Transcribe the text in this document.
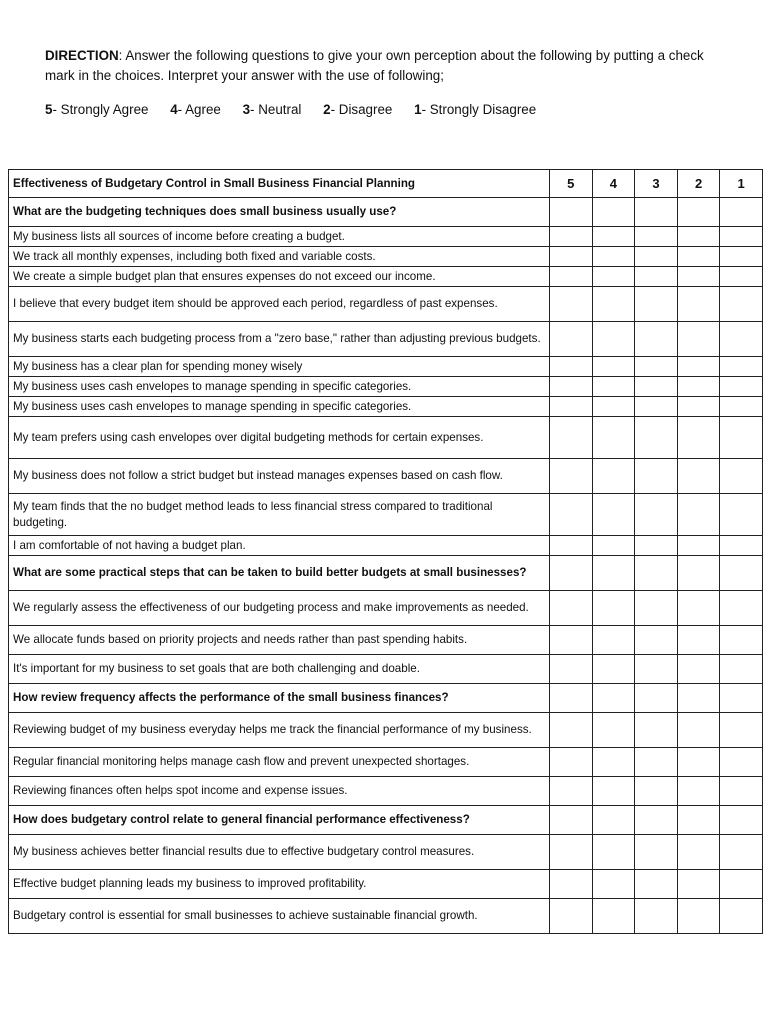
DIRECTION: Answer the following questions to give your own perception about the following by putting a check mark in the choices. Interpret your answer with the use of following;
5- Strongly Agree 4- Agree 3- Neutral 2- Disagree 1- Strongly Disagree
Effectiveness of Budgetary Control in Small Business Financial Planning	5	4	3	2	1
What are the budgeting techniques does small business usually use?					
My business lists all sources of income before creating a budget.					
We track all monthly expenses, including both fixed and variable costs.					
We create a simple budget plan that ensures expenses do not exceed our income.					
I believe that every budget item should be approved each period, regardless of past expenses.					
My business starts each budgeting process from a "zero base," rather than adjusting previous budgets.					
My business has a clear plan for spending money wisely					
My business uses cash envelopes to manage spending in specific categories.					
My business uses cash envelopes to manage spending in specific categories.					
My team prefers using cash envelopes over digital budgeting methods for certain expenses.					
My business does not follow a strict budget but instead manages expenses based on cash flow.					
My team finds that the no budget method leads to less financial stress compared to traditional budgeting.					
I am comfortable of not having a budget plan.					
What are some practical steps that can be taken to build better budgets at small businesses?					
We regularly assess the effectiveness of our budgeting process and make improvements as needed.					
We allocate funds based on priority projects and needs rather than past spending habits.					
It's important for my business to set goals that are both challenging and doable.					
How review frequency affects the performance of the small business finances?					
Reviewing budget of my business everyday helps me track the financial performance of my business.					
Regular financial monitoring helps manage cash flow and prevent unexpected shortages.					
Reviewing finances often helps spot income and expense issues.					
How does budgetary control relate to general financial performance effectiveness?					
My business achieves better financial results due to effective budgetary control measures.					
Effective budget planning leads my business to improved profitability.					
Budgetary control is essential for small businesses to achieve sustainable financial growth.					
